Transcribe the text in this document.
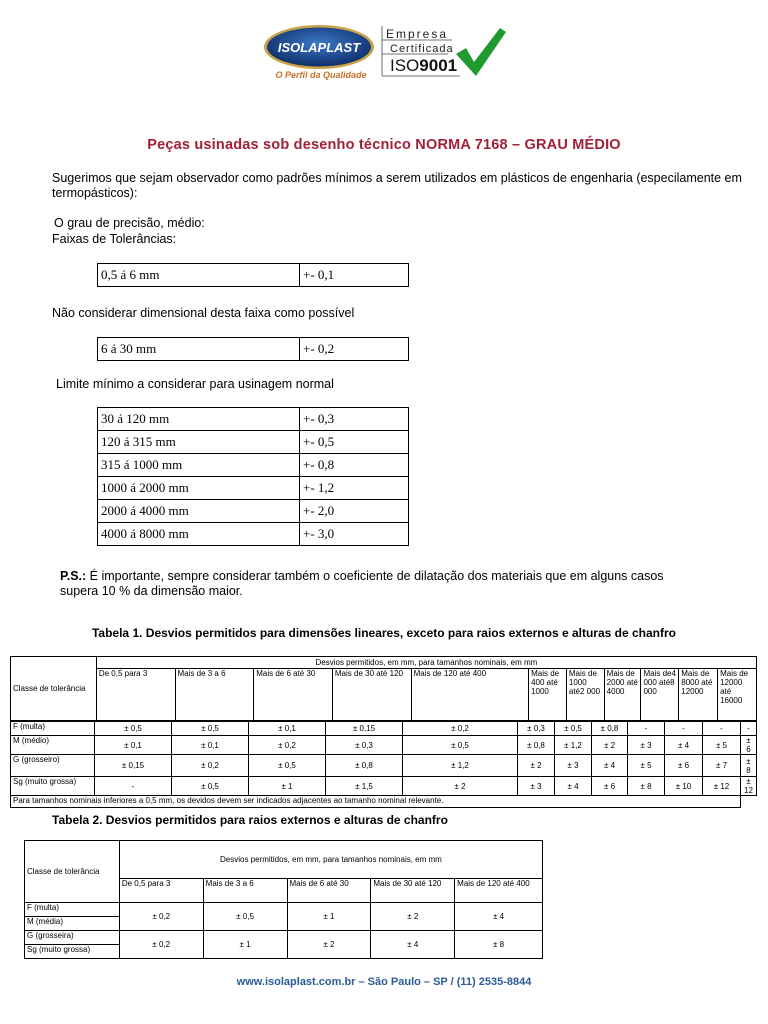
ISOLAPLAST
O Perfil da Qualidade
Empresa
Certificada
ISO9001
Peças usinadas sob desenho técnico NORMA 7168 – GRAU MÉDIO
Sugerimos que sejam observador como padrões mínimos a serem utilizados em plásticos de engenharia (especilamente em termopásticos):
O grau de precisão, médio:
Faixas de Tolerâncias:
0,5 á 6 mm	+- 0,1
Não considerar dimensional desta faixa como possível
6 á 30 mm	+- 0,2
Limite mínimo a considerar para usinagem normal
30 á 120 mm	+- 0,3
120 á 315 mm	+- 0,5
315 á 1000 mm	+- 0,8
1000 á 2000 mm	+- 1,2
2000 á 4000 mm	+- 2,0
4000 á 8000 mm	+- 3,0
P.S.: É importante, sempre considerar também o coeficiente de dilatação dos materiais que em alguns casos supera 10 % da dimensão maior.
Tabela 1. Desvios permitidos para dimensões lineares, exceto para raios externos e alturas de chanfro
Classe de tolerância	Desvios permitidos, em mm, para tamanhos nominais, em mm										
	De 0,5 para 3	Mais de 3 a 6	Mais de 6 até 30	Mais de 30 até 120	Mais de 120 até 400	Mais de 400 até 1000	Mais de 1000 até2 000	Mais de 2000 até 4000	Mais de4 000 até8 000	Mais de 8000 até 12000	Mais de 12000 até 16000
F (multa)	± 0,5	± 0,5	± 0,1	± 0,15	± 0,2	± 0,3	± 0,5	± 0,8	-	-	-	-
M (médio)	± 0,1	± 0,1	± 0,2	± 0,3	± 0,5	± 0,8	± 1,2	± 2	± 3	± 4	± 5	± 6
G (grosseiro)	± 0,15	± 0,2	± 0,5	± 0,8	± 1,2	± 2	± 3	± 4	± 5	± 6	± 7	± 8
Sg (muito grossa)	-	± 0,5	± 1	± 1,5	± 2	± 3	± 4	± 6	± 8	± 10	± 12	± 12
Para tamanhos nominais inferiores a 0,5 mm, os devidos devem ser indicados adjacentes ao tamanho nominal relevante.												
Tabela 2. Desvios permitidos para raios externos e alturas de chanfro
Classe de tolerância	Desvios permitidos, em mm, para tamanhos nominais, em mm				
	De 0,5 para 3	Mais de 3 a 6	Mais de 6 até 30	Mais de 30 até 120	Mais de 120 até 400
F (multa)	± 0,2	± 0,5	± 1	± 2	± 4
M (média)					
G (grosseira)	± 0,2	± 1	± 2	± 4	± 8
Sg (muito grossa)					
www.isolaplast.com.br – São Paulo – SP / (11) 2535-8844
